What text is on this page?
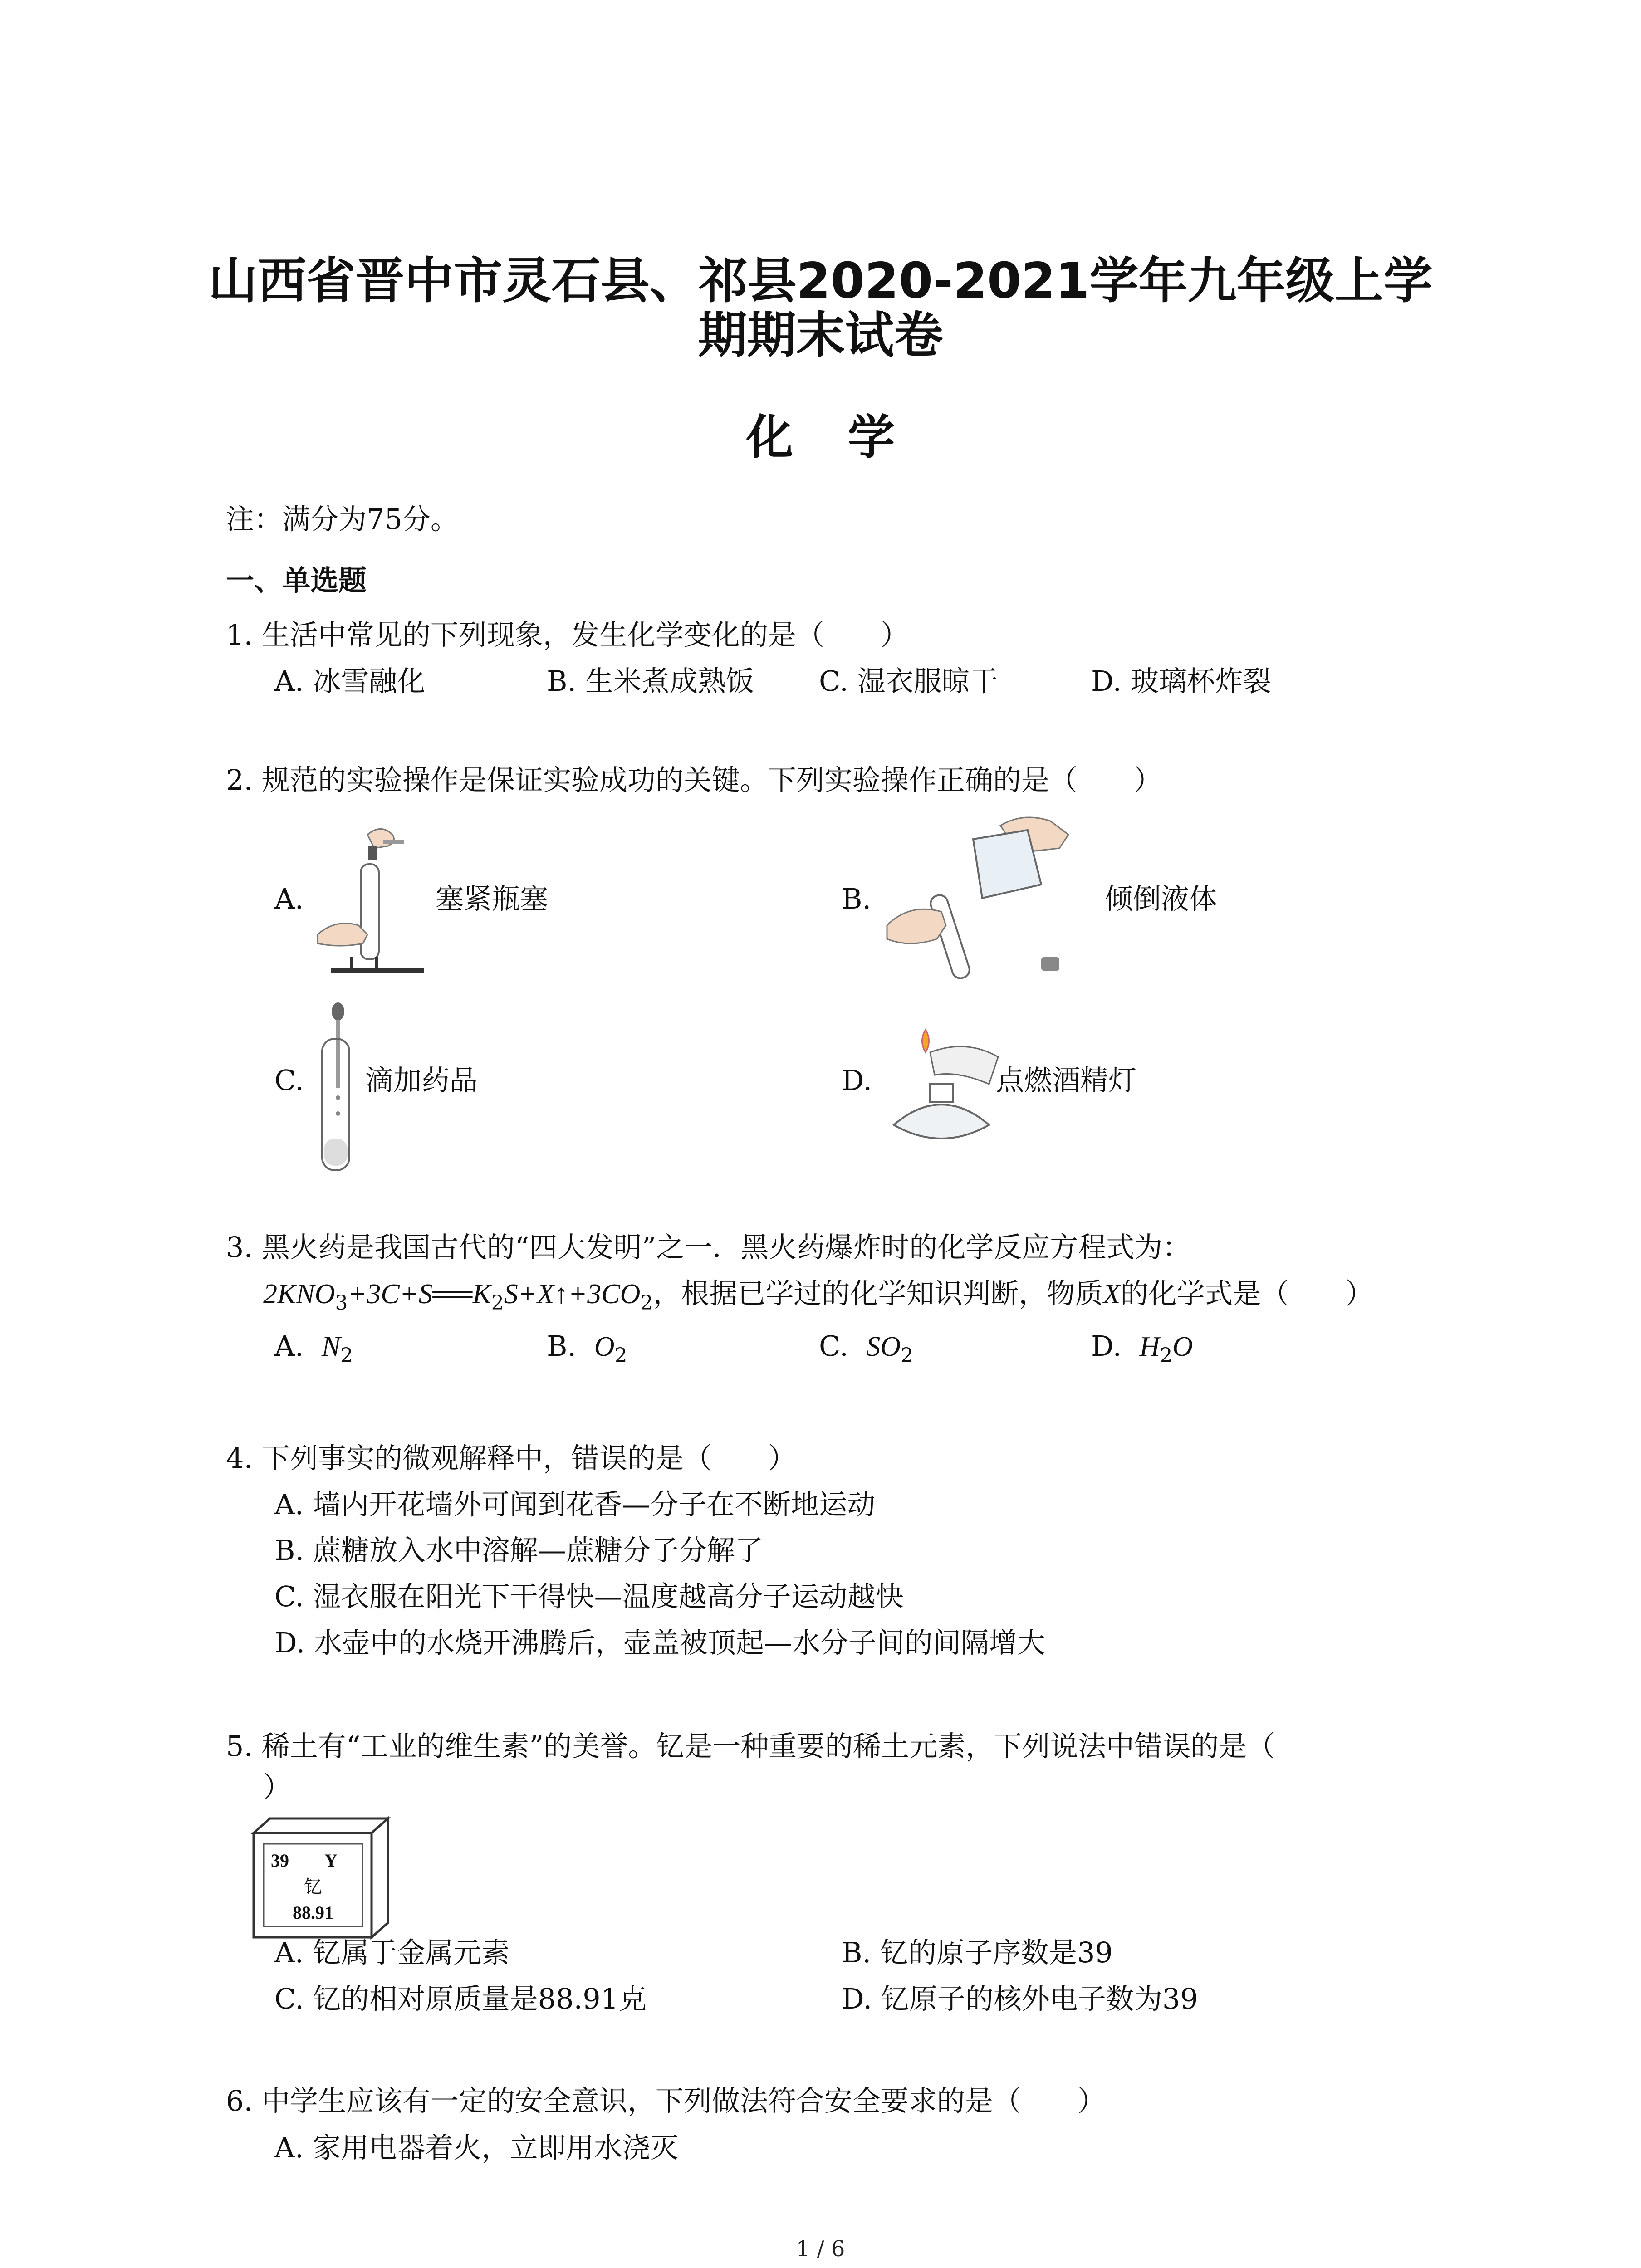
山西省晋中市灵石县、祁县2020-2021学年九年级上学
期期末试卷
化学
注：满分为75分。
一、单选题
1. 生活中常见的下列现象，发生化学变化的是（　　）
A. 冰雪融化	B. 生米煮成熟饭 C. 湿衣服晾干	D. 玻璃杯炸裂
2. 规范的实验操作是保证实验成功的关键。下列实验操作正确的是（　　）
A.	塞紧瓶塞	B.	倾倒液体
C. 滴加药品	D.	点燃酒精灯
3. 黑火药是我国古代的“四大发明”之一．黑火药爆炸时的化学反应方程式为：
$2KNO_3+3C+S══K_2S+X↑+3CO_2$，根据已学过的化学知识判断，物质X的化学式是（　　）
A. $N_2$	B. $O_2$	C. $SO_2$	D. $H_2O$
4. 下列事实的微观解释中，错误的是（　　）
A. 墙内开花墙外可闻到花香—分子在不断地运动
B. 蔗糖放入水中溶解—蔗糖分子分解了
C. 湿衣服在阳光下干得快—温度越高分子运动越快
D. 水壶中的水烧开沸腾后，壶盖被顶起—水分子间的间隔增大
5. 稀土有“工业的维生素”的美誉。钇是一种重要的稀土元素，下列说法中错误的是（
）
39 Y
钇
88.91
A. 钇属于金属元素	B. 钇的原子序数是39
C. 钇的相对原质量是88.91克	D. 钇原子的核外电子数为39
6. 中学生应该有一定的安全意识，下列做法符合安全要求的是（　　）
A. 家用电器着火，立即用水浇灭
1 / 6
